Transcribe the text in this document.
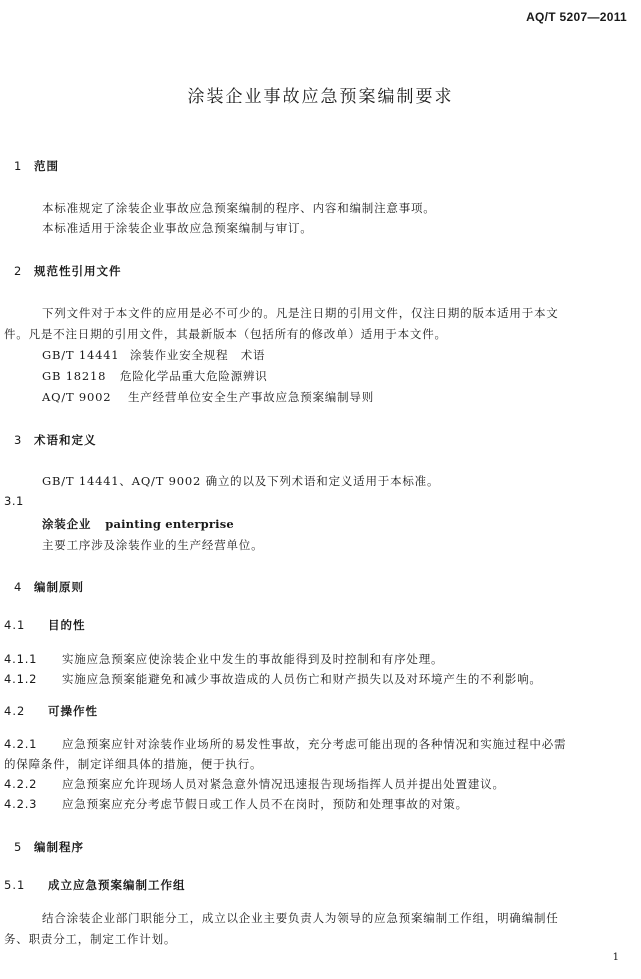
AQ/T 5207—2011
涂装企业事故应急预案编制要求
1 范围
本标准规定了涂装企业事故应急预案编制的程序、内容和编制注意事项。
本标准适用于涂装企业事故应急预案编制与审订。
2 规范性引用文件
下列文件对于本文件的应用是必不可少的。凡是注日期的引用文件，仅注日期的版本适用于本文
件。凡是不注日期的引用文件，其最新版本（包括所有的修改单）适用于本文件。
GB/T 14441 涂装作业安全规程　术语
GB 18218 危险化学品重大危险源辨识
AQ/T 9002 生产经营单位安全生产事故应急预案编制导则
3 术语和定义
GB/T 14441、AQ/T 9002 确立的以及下列术语和定义适用于本标准。
3.1
涂装企业 painting enterprise
主要工序涉及涂装作业的生产经营单位。
4 编制原则
4.1 目的性
4.1.1 实施应急预案应使涂装企业中发生的事故能得到及时控制和有序处理。
4.1.2 实施应急预案能避免和减少事故造成的人员伤亡和财产损失以及对环境产生的不利影响。
4.2 可操作性
4.2.1 应急预案应针对涂装作业场所的易发性事故，充分考虑可能出现的各种情况和实施过程中必需
的保障条件，制定详细具体的措施，便于执行。
4.2.2 应急预案应允许现场人员对紧急意外情况迅速报告现场指挥人员并提出处置建议。
4.2.3 应急预案应充分考虑节假日或工作人员不在岗时，预防和处理事故的对策。
5 编制程序
5.1 成立应急预案编制工作组
结合涂装企业部门职能分工，成立以企业主要负责人为领导的应急预案编制工作组，明确编制任
务、职责分工，制定工作计划。
1
